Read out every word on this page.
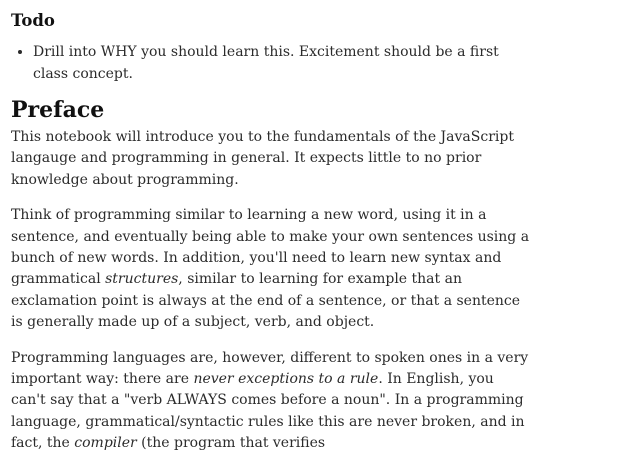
Todo
• Drill into WHY you should learn this. Excitement should be a first class concept.
Preface

This notebook will introduce you to the fundamentals of the JavaScript langauge and programming in general. It expects little to no prior knowledge about programming.

Think of programming similar to learning a new word, using it in a sentence, and eventually being able to make your own sentences using a bunch of new words. In addition, you'll need to learn new syntax and grammatical structures, similar to learning for example that an exclamation point is always at the end of a sentence, or that a sentence is generally made up of a subject, verb, and object.

Programming languages are, however, different to spoken ones in a very important way: there are never exceptions to a rule. In English, you can't say that a "verb ALWAYS comes before a noun". In a programming language, grammatical/syntactic rules like this are never broken, and in fact, the compiler (the program that verifies
